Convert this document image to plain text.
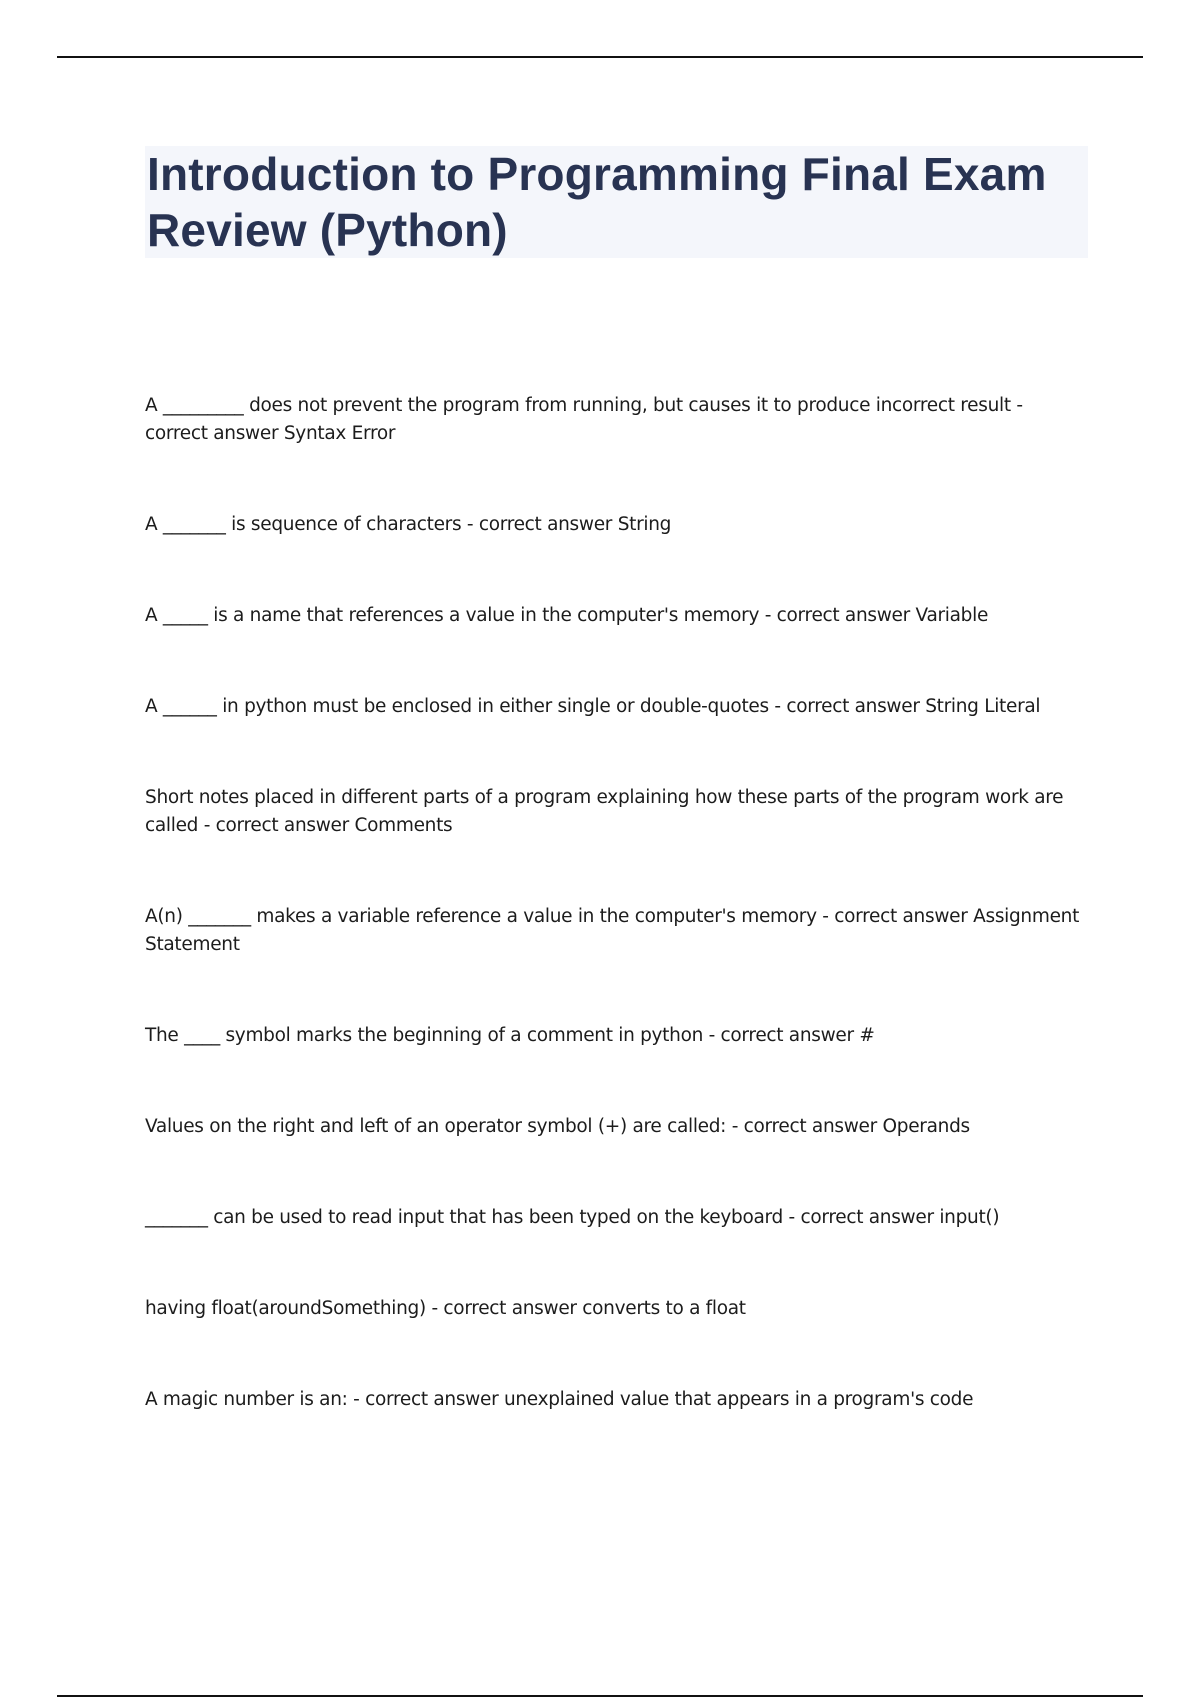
Introduction to Programming Final Exam Review (Python)
A _________ does not prevent the program from running, but causes it to produce incorrect result - correct answer Syntax Error
A _______ is sequence of characters - correct answer String
A _____ is a name that references a value in the computer's memory - correct answer Variable
A ______ in python must be enclosed in either single or double-quotes - correct answer String Literal
Short notes placed in different parts of a program explaining how these parts of the program work are called - correct answer Comments
A(n) _______ makes a variable reference a value in the computer's memory - correct answer Assignment Statement
The ____ symbol marks the beginning of a comment in python - correct answer #
Values on the right and left of an operator symbol (+) are called: - correct answer Operands
_______ can be used to read input that has been typed on the keyboard - correct answer input()
having float(aroundSomething) - correct answer converts to a float
A magic number is an: - correct answer unexplained value that appears in a program's code
